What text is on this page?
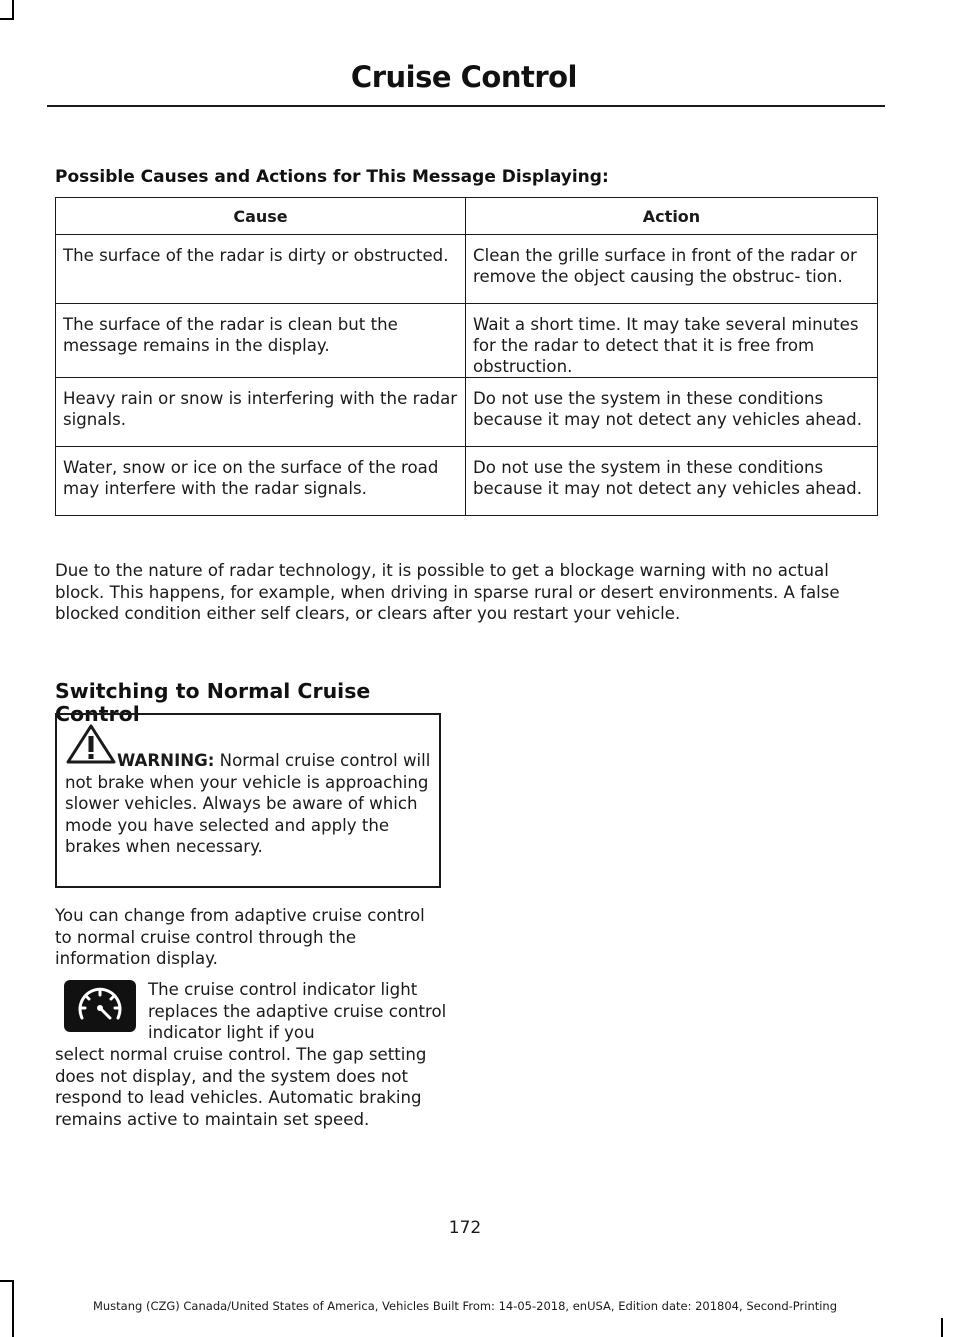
Cruise Control
Possible Causes and Actions for This Message Displaying:
Cause	Action
The surface of the radar is dirty or obstructed.	Clean the grille surface in front of the radar or remove the object causing the obstruc- tion.
The surface of the radar is clean but the message remains in the display.	Wait a short time. It may take several minutes for the radar to detect that it is free from obstruction.
Heavy rain or snow is interfering with the radar signals.	Do not use the system in these conditions because it may not detect any vehicles ahead.
Water, snow or ice on the surface of the road may interfere with the radar signals.	Do not use the system in these conditions because it may not detect any vehicles ahead.

Due to the nature of radar technology, it is possible to get a blockage warning with no actual block. This happens, for example, when driving in sparse rural or desert environments. A false blocked condition either self clears, or clears after you restart your vehicle.

Switching to Normal Cruise Control

WARNING: Normal cruise control will not brake when your vehicle is approaching slower vehicles. Always be aware of which mode you have selected and apply the brakes when necessary.

You can change from adaptive cruise control to normal cruise control through the information display.

The cruise control indicator light replaces the adaptive cruise control indicator light if you

select normal cruise control. The gap setting does not display, and the system does not respond to lead vehicles. Automatic braking remains active to maintain set speed.

172
Mustang (CZG) Canada/United States of America, Vehicles Built From: 14-05-2018, enUSA, Edition date: 201804, Second-Printing
